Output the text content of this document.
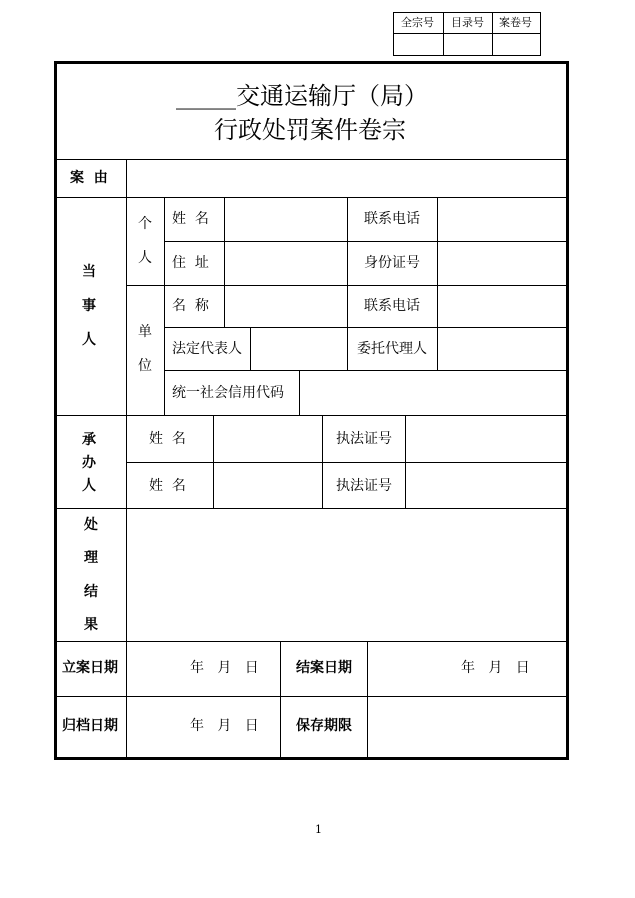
全宗号 目录号 案卷号
_____交通运输厅（局）
行政处罚案件卷宗
案  由
当
事
人
个
人
姓  名	联系电话
住  址	身份证号
单
位
名  称	联系电话
法定代表人	委托代理人
统一社会信用代码
承
办
人
姓  名	执法证号
姓  名	执法证号
处
理
结
果
立案日期	年   月   日	结案日期	年   月   日
归档日期	年   月   日	保存期限
1
